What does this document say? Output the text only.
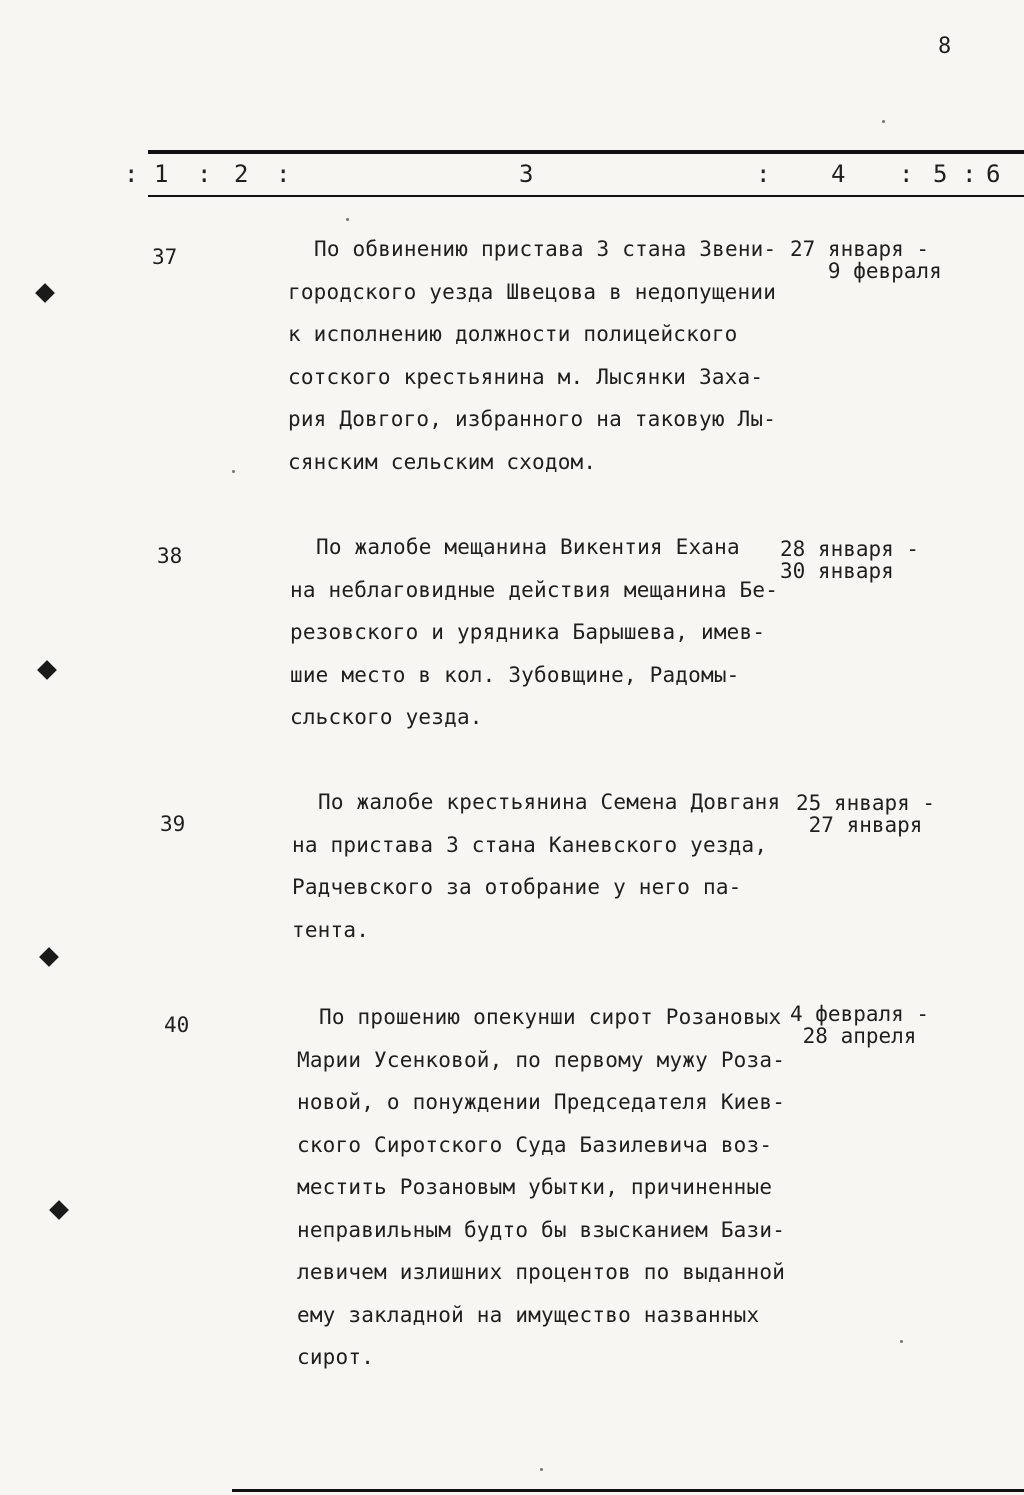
8
: 1 : 2 :	3	:	4 : 5 : 6
37	По обвинению пристава 3 стана Звени-
городского уезда Швецова в недопущении
к исполнению должности полицейского
сотского крестьянина м. Лысянки Заха-
рия Довгого, избранного на таковую Лы-
сянским сельским сходом.
27 января -
9 февраля
38	По жалобе мещанина Викентия Ехана
на неблаговидные действия мещанина Бе-
резовского и урядника Барышева, имев-
шие место в кол. Зубовщине, Радомы-
сльского уезда.
28 января -
30 января
39
По жалобе крестьянина Семена Довганя
на пристава 3 стана Каневского уезда,
Радчевского за отобрание у него па-
тента.
25 января -
27 января
40	По прошению опекунши сирот Розановых
Марии Усенковой, по первому мужу Роза-
новой, о понуждении Председателя Киев-
ского Сиротского Суда Базилевича воз-
местить Розановым убытки, причиненные
неправильным будто бы взысканием Бази-
левичем излишних процентов по выданной
ему закладной на имущество названных
сирот.
4 февраля -
28 апреля
